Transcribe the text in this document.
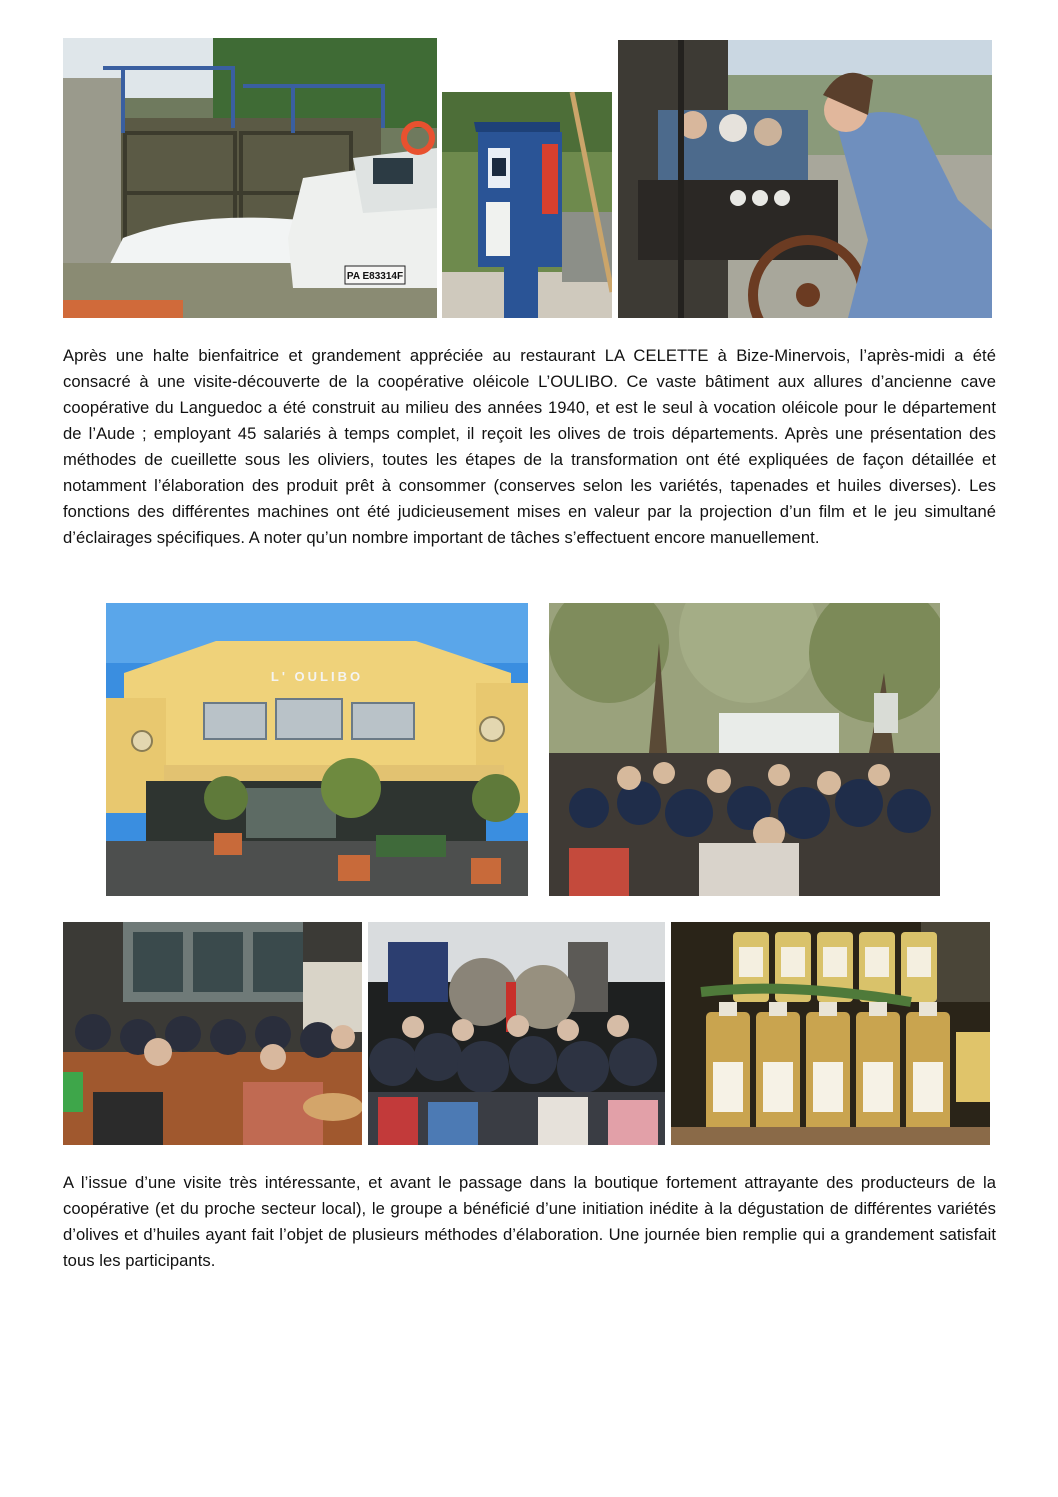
PA E83314F

Après une halte bienfaitrice et grandement appréciée au restaurant LA CELETTE à Bize-Minervois, l’après-midi a été consacré à une visite-découverte de la coopérative oléicole L’OULIBO. Ce vaste bâtiment aux allures d’ancienne cave coopérative du Languedoc a été construit au milieu des années 1940, et est le seul à vocation oléicole pour le département de l’Aude ; employant 45 salariés à temps complet, il reçoit les olives de trois départements. Après une présentation des méthodes de cueillette sous les oliviers, toutes les étapes de la transformation ont été expliquées de façon détaillée et notamment l’élaboration des produit prêt à consommer (conserves selon les variétés, tapenades et huiles diverses). Les fonctions des différentes machines ont été judicieusement mises en valeur par la projection d’un film et le jeu simultané d’éclairages spécifiques. A noter qu’un nombre important de tâches s’effectuent encore manuellement.

L' OULIBO

A l’issue d’une visite très intéressante, et avant le passage dans la boutique fortement attrayante des producteurs de la coopérative (et du proche secteur local), le groupe a bénéficié d’une initiation inédite à la dégustation de différentes variétés d’olives et d’huiles ayant fait l’objet de plusieurs méthodes d’élaboration. Une journée bien remplie qui a grandement satisfait tous les participants.
